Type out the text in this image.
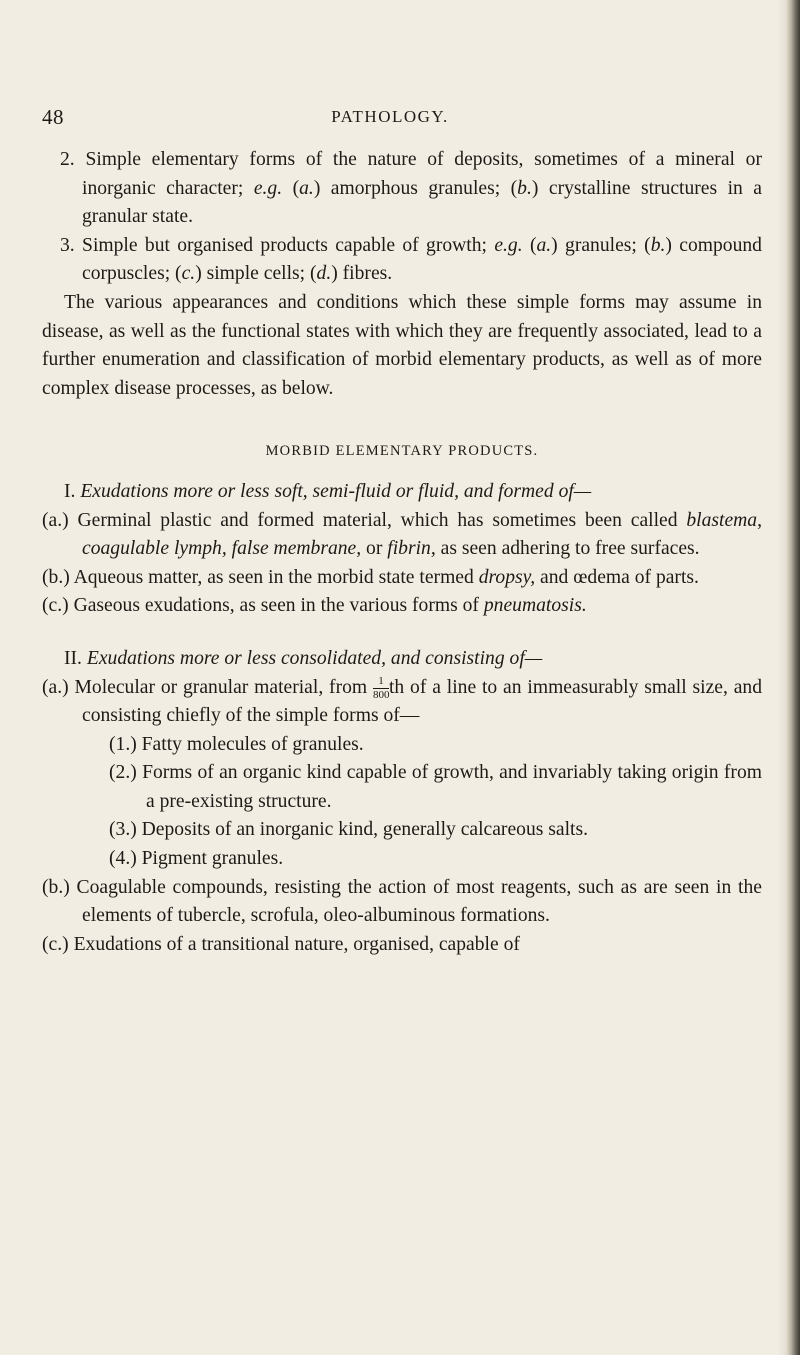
48	PATHOLOGY.

2. Simple elementary forms of the nature of deposits, sometimes of a mineral or inorganic character; e.g. (a.) amorphous granules; (b.) crystalline structures in a granular state.

3. Simple but organised products capable of growth; e.g. (a.) granules; (b.) compound corpuscles; (c.) simple cells; (d.) fibres.

The various appearances and conditions which these simple forms may assume in disease, as well as the functional states with which they are frequently associated, lead to a further enumeration and classification of morbid elementary products, as well as of more complex disease processes, as below.

MORBID ELEMENTARY PRODUCTS.

I. Exudations more or less soft, semi-fluid or fluid, and formed of—

(a.) Germinal plastic and formed material, which has sometimes been called blastema, coagulable lymph, false membrane, or fibrin, as seen adhering to free surfaces.

(b.) Aqueous matter, as seen in the morbid state termed dropsy, and œdema of parts.

(c.) Gaseous exudations, as seen in the various forms of pneumatosis.

II. Exudations more or less consolidated, and consisting of—

(a.) Molecular or granular material, from $\frac{1}{800}$ th of a line to an immeasurably small size, and consisting chiefly of the simple forms of—

(1.) Fatty molecules of granules.

(2.) Forms of an organic kind capable of growth, and invariably taking origin from a pre-existing structure.

(3.) Deposits of an inorganic kind, generally calcareous salts.

(4.) Pigment granules.

(b.) Coagulable compounds, resisting the action of most reagents, such as are seen in the elements of tubercle, scrofula, oleo-albuminous formations.

(c.) Exudations of a transitional nature, organised, capable of
